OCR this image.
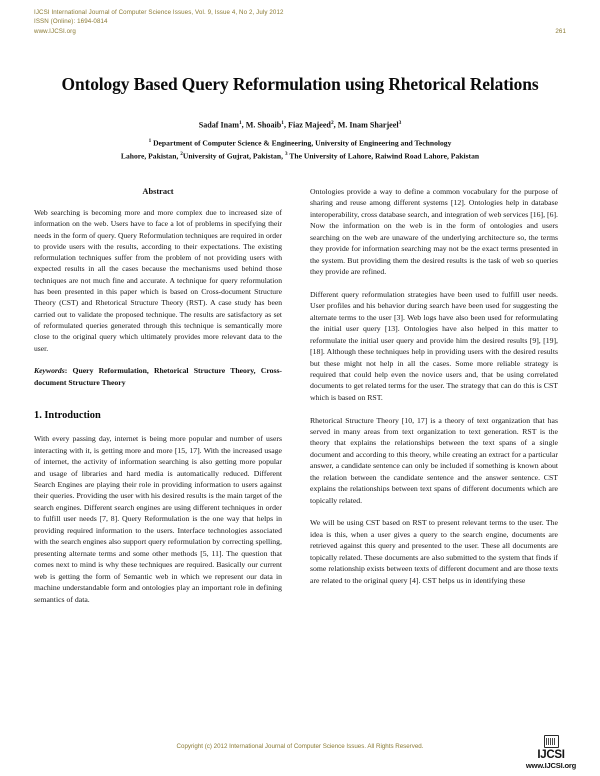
IJCSI International Journal of Computer Science Issues, Vol. 9, Issue 4, No 2, July 2012
ISSN (Online): 1694-0814
www.IJCSI.org	261
Ontology Based Query Reformulation using Rhetorical Relations
Sadaf Inam$^1$, M. Shoaib$^1$, Fiaz Majeed$^2$, M. Inam Sharjeel$^3$
$^1$ Department of Computer Science & Engineering, University of Engineering and Technology
Lahore, Pakistan, $^2$University of Gujrat, Pakistan, $^3$ The University of Lahore, Raiwind Road Lahore, Pakistan
Abstract

Web searching is becoming more and more complex due to increased size of information on the web. Users have to face a lot of problems in specifying their needs in the form of query. Query Reformulation techniques are required in order to provide users with the results, according to their expectations. The existing reformulation techniques suffer from the problem of not providing users with expected results in all the cases because the mechanisms used behind those techniques are not much fine and accurate. A technique for query reformulation has been presented in this paper which is based on Cross-document Structure Theory (CST) and Rhetorical Structure Theory (RST). A case study has been carried out to validate the proposed technique. The results are satisfactory as set of reformulated queries generated through this technique is semantically more close to the original query which ultimately provides more relevant data to the user.

Keywords: Query Reformulation, Rhetorical Structure Theory, Cross-document Structure Theory

1. Introduction

With every passing day, internet is being more popular and number of users interacting with it, is getting more and more [15, 17]. With the increased usage of internet, the activity of information searching is also getting more popular and usage of libraries and hard media is automatically reduced. Different Search Engines are playing their role in providing information to users against their queries. Providing the user with his desired results is the main target of the search engines. Different search engines are using different techniques in order to fulfill user needs [7, 8]. Query Reformulation is the one way that helps in providing required information to the users. Interface technologies associated with the search engines also support query reformulation by correcting spelling, presenting alternate terms and some other methods [5, 11]. The question that comes next to mind is why these techniques are required. Basically our current web is getting the form of Semantic web in which we represent our data in machine understandable form and ontologies play an important role in defining semantics of data.

Ontologies provide a way to define a common vocabulary for the purpose of sharing and reuse among different systems [12]. Ontologies help in database interoperability, cross database search, and integration of web services [16], [6]. Now the information on the web is in the form of ontologies and users searching on the web are unaware of the underlying architecture so, the terms they provide for information searching may not be the exact terms presented in the system. But providing them the desired results is the task of web so queries they provide are refined.

Different query reformulation strategies have been used to fulfill user needs. User profiles and his behavior during search have been used for suggesting the alternate terms to the user [3]. Web logs have also been used for reformulating the initial user query [13]. Ontologies have also helped in this matter to reformulate the initial user query and provide him the desired results [9], [19], [18]. Although these techniques help in providing users with the desired results but these might not help in all the cases. Some more reliable strategy is required that could help even the novice users and, that be using correlated documents to get related terms for the user. The strategy that can do this is CST which is based on RST.

Rhetorical Structure Theory [10, 17] is a theory of text organization that has served in many areas from text organization to text generation. RST is the theory that explains the relationships between the text spans of a single document and according to this theory, while creating an extract for a particular answer, a candidate sentence can only be included if something is known about the relation between the candidate sentence and the answer sentence. CST explains the relationships between text spans of different documents which are topically related.

We will be using CST based on RST to present relevant terms to the user. The idea is this, when a user gives a query to the search engine, documents are retrieved against this query and presented to the user. These all documents are topically related. These documents are also submitted to the system that finds if some relationship exists between texts of different document and are those texts are related to the original query [4]. CST helps us in identifying these

Copyright (c) 2012 International Journal of Computer Science Issues. All Rights Reserved.
IJCSI
www.IJCSI.org
